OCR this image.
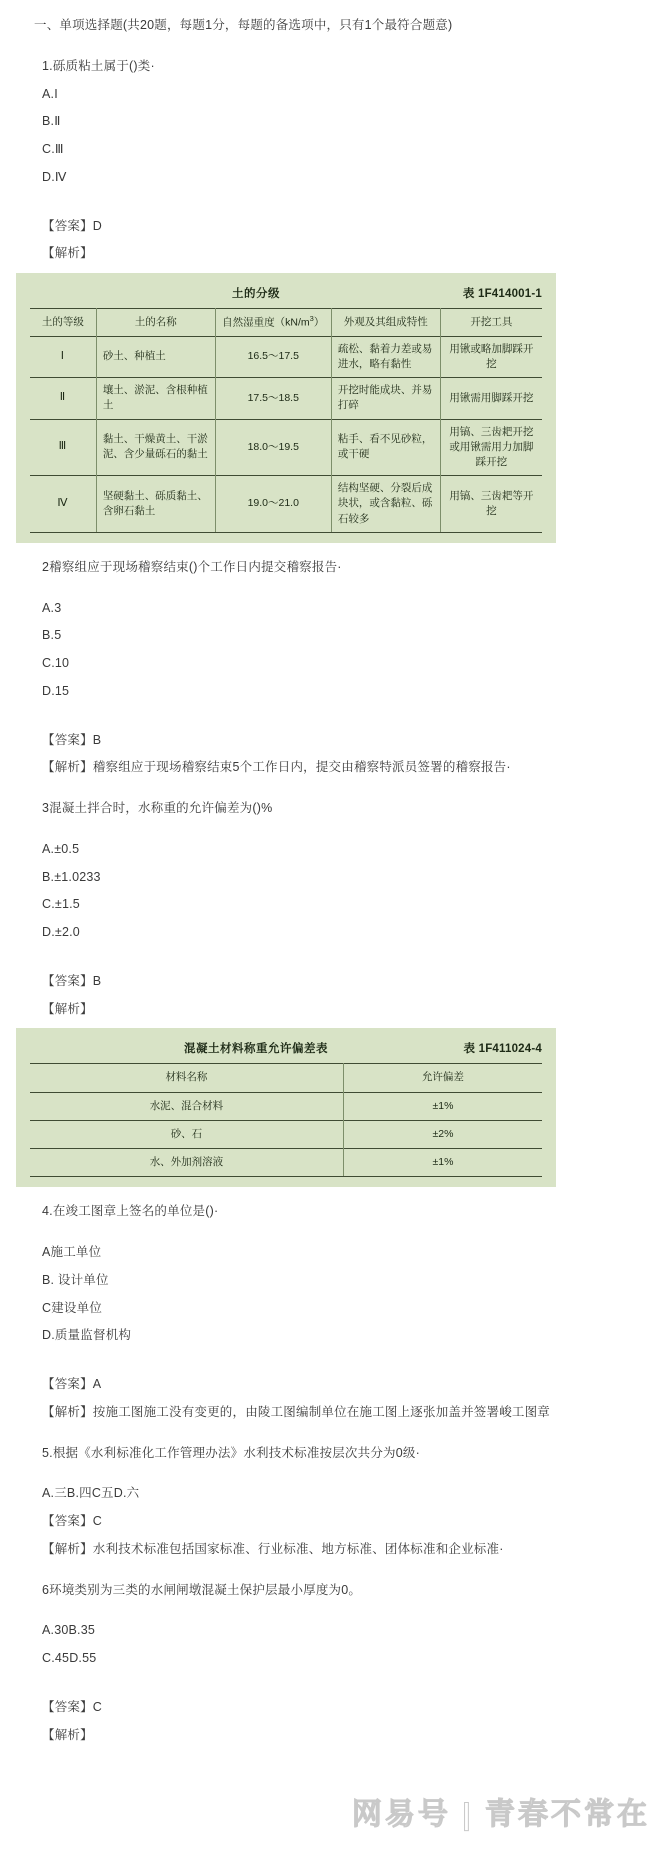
一、单项选择题(共20题，每题1分，每题的备选项中，只有1个最符合题意)

1.砾质粘土属于()类·

A.I

B.Ⅱ

C.Ⅲ

D.Ⅳ

【答案】D

【解析】

土的分级	表 1F414001-1
土的等级	土的名称	自然湿重度$(kN/m^3)$	外观及其组成特性	开挖工具
Ⅰ	砂土、种植土	16.5～17.5	疏松、黏着力差或易进水，略有黏性	用锹或略加脚踩开挖
Ⅱ	壤土、淤泥、含根种植土	17.5～18.5	开挖时能成块、并易打碎	用锹需用脚踩开挖
Ⅲ	黏土、干燥黄土、干淤泥、含少量砾石的黏土	18.0～19.5	粘手、看不见砂粒，或干硬	用镐、三齿耙开挖或用锹需用力加脚踩开挖
Ⅳ	坚硬黏土、砾质黏土、含卵石黏土	19.0～21.0	结构坚硬、分裂后成块状，或含黏粒、砾石较多	用镐、三齿耙等开挖

2稽察组应于现场稽察结束()个工作日内提交稽察报告·

A.3

B.5

C.10

D.15

【答案】B

【解析】稽察组应于现场稽察结束5个工作日内，提交由稽察特派员签署的稽察报告·

3混凝土拌合时，水称重的允许偏差为()%

A.±0.5

B.±1.0233

C.±1.5

D.±2.0

【答案】B

【解析】

混凝土材料称重允许偏差表	表 1F411024-4
材料名称	允许偏差
水泥、混合材料	±1%
砂、石	±2%
水、外加剂溶液	±1%

4.在竣工图章上签名的单位是()·

A施工单位

B. 设计单位

C建设单位

D.质量监督机构

【答案】A

【解析】按施工图施工没有变更的，由陵工图编制单位在施工图上逐张加盖并签署峻工图章

5.根据《水利标准化工作管理办法》水利技术标准按层次共分为0级·

A.三B.四C五D.六

【答案】C

【解析】水利技术标准包括国家标准、行业标准、地方标准、团体标准和企业标准·

6环境类别为三类的水闸闸墩混凝土保护层最小厚度为0。

A.30B.35

C.45D.55

【答案】C

【解析】

网易号 | 青春不常在
